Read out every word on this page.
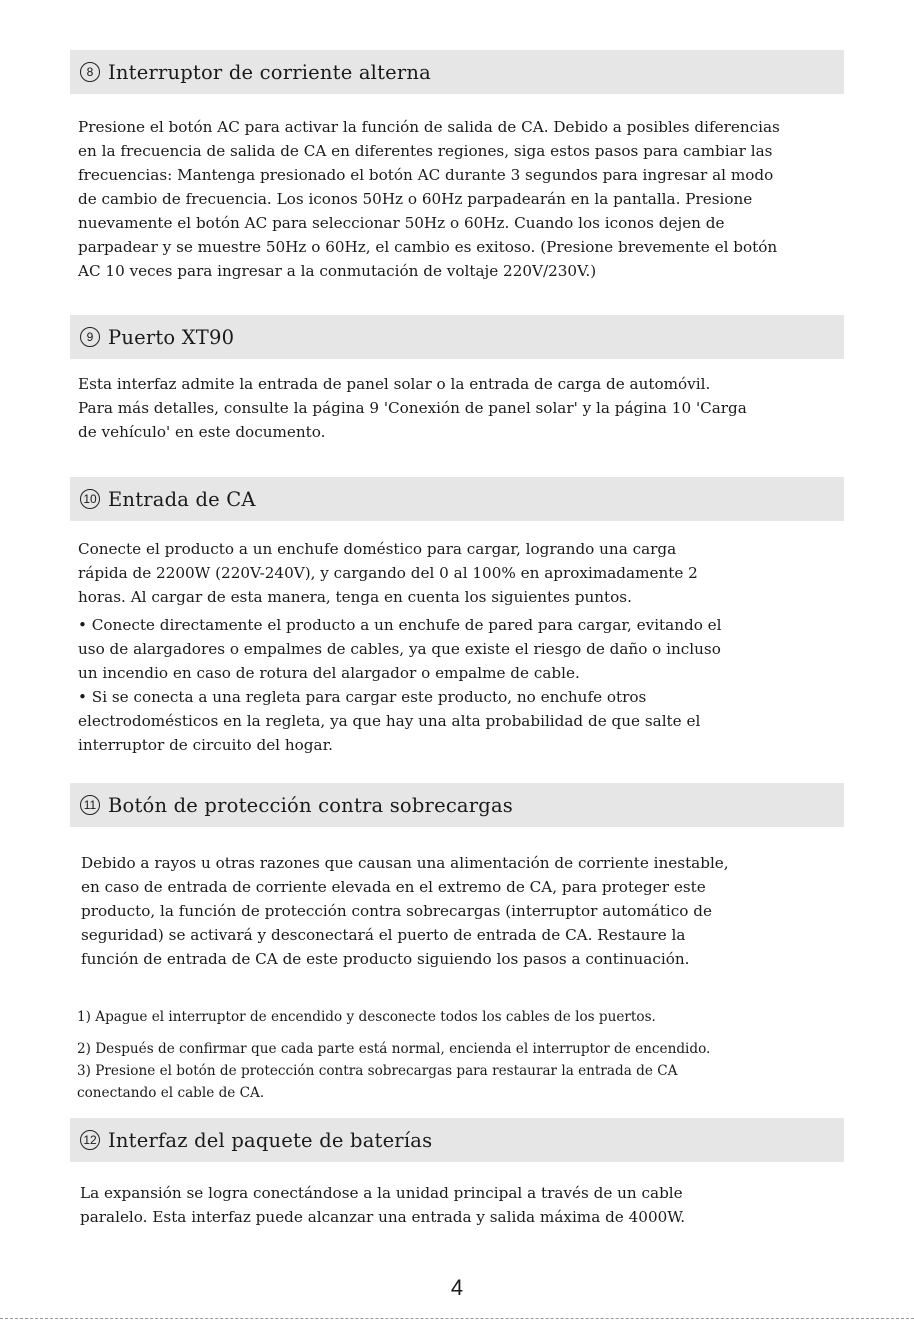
8 Interruptor de corriente alterna
Presione el botón AC para activar la función de salida de CA. Debido a posibles diferencias
en la frecuencia de salida de CA en diferentes regiones, siga estos pasos para cambiar las
frecuencias: Mantenga presionado el botón AC durante 3 segundos para ingresar al modo
de cambio de frecuencia. Los iconos 50Hz o 60Hz parpadearán en la pantalla. Presione
nuevamente el botón AC para seleccionar 50Hz o 60Hz. Cuando los iconos dejen de
parpadear y se muestre 50Hz o 60Hz, el cambio es exitoso. (Presione brevemente el botón
AC 10 veces para ingresar a la conmutación de voltaje 220V/230V.)
9 Puerto XT90
Esta interfaz admite la entrada de panel solar o la entrada de carga de automóvil.
Para más detalles, consulte la página 9 'Conexión de panel solar' y la página 10 'Carga
de vehículo' en este documento.
10 Entrada de CA
Conecte el producto a un enchufe doméstico para cargar, logrando una carga
rápida de 2200W (220V-240V), y cargando del 0 al 100% en aproximadamente 2
horas. Al cargar de esta manera, tenga en cuenta los siguientes puntos.
• Conecte directamente el producto a un enchufe de pared para cargar, evitando el
uso de alargadores o empalmes de cables, ya que existe el riesgo de daño o incluso
un incendio en caso de rotura del alargador o empalme de cable.
• Si se conecta a una regleta para cargar este producto, no enchufe otros
electrodomésticos en la regleta, ya que hay una alta probabilidad de que salte el
interruptor de circuito del hogar.
11 Botón de protección contra sobrecargas
Debido a rayos u otras razones que causan una alimentación de corriente inestable,
en caso de entrada de corriente elevada en el extremo de CA, para proteger este
producto, la función de protección contra sobrecargas (interruptor automático de
seguridad) se activará y desconectará el puerto de entrada de CA. Restaure la
función de entrada de CA de este producto siguiendo los pasos a continuación.
1) Apague el interruptor de encendido y desconecte todos los cables de los puertos.
2) Después de confirmar que cada parte está normal, encienda el interruptor de encendido.
3) Presione el botón de protección contra sobrecargas para restaurar la entrada de CA
conectando el cable de CA.
12 Interfaz del paquete de baterías
La expansión se logra conectándose a la unidad principal a través de un cable
paralelo. Esta interfaz puede alcanzar una entrada y salida máxima de 4000W.
4
